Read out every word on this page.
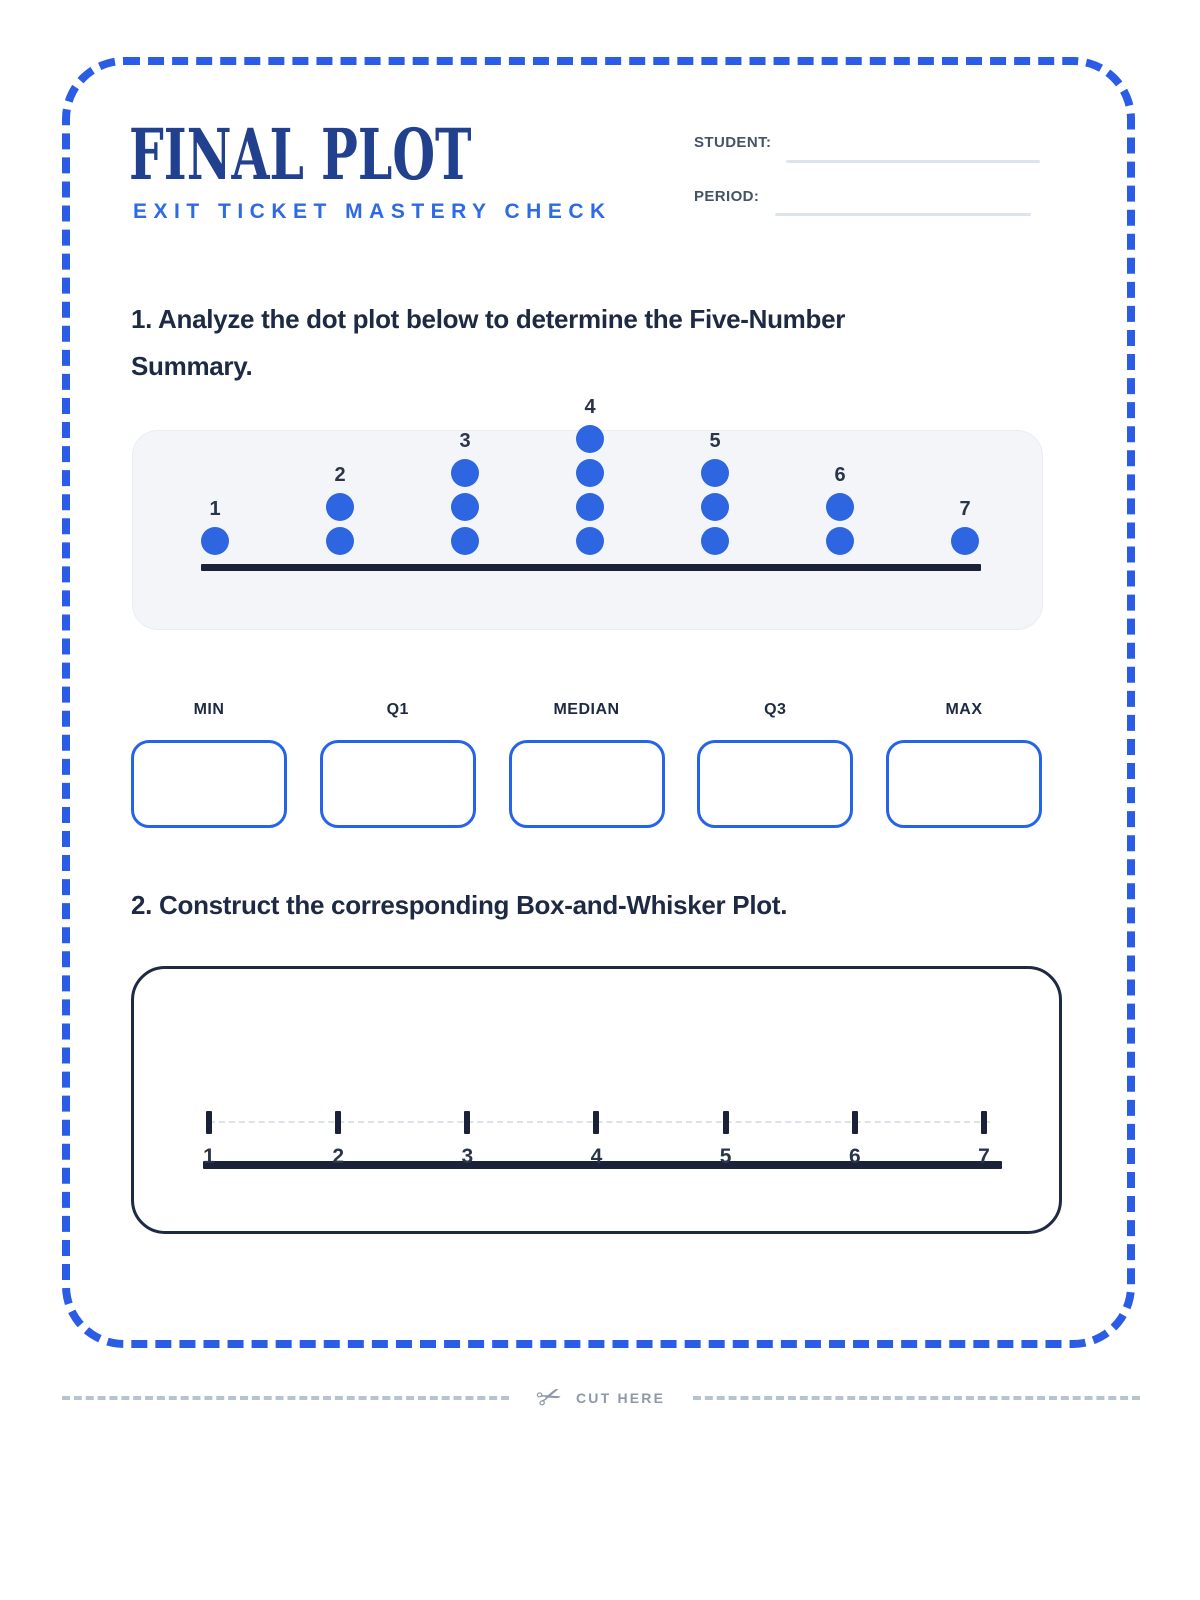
FINAL PLOT
EXIT TICKET MASTERY CHECK
STUDENT:
PERIOD:
1. Analyze the dot plot below to determine the Five-Number
Summary.
1
2
3
4
5
6
7
MIN	Q1	MEDIAN	Q3	MAX
2. Construct the corresponding Box-and-Whisker Plot.
1	2	3	4	5	6	7
✂ CUT HERE
